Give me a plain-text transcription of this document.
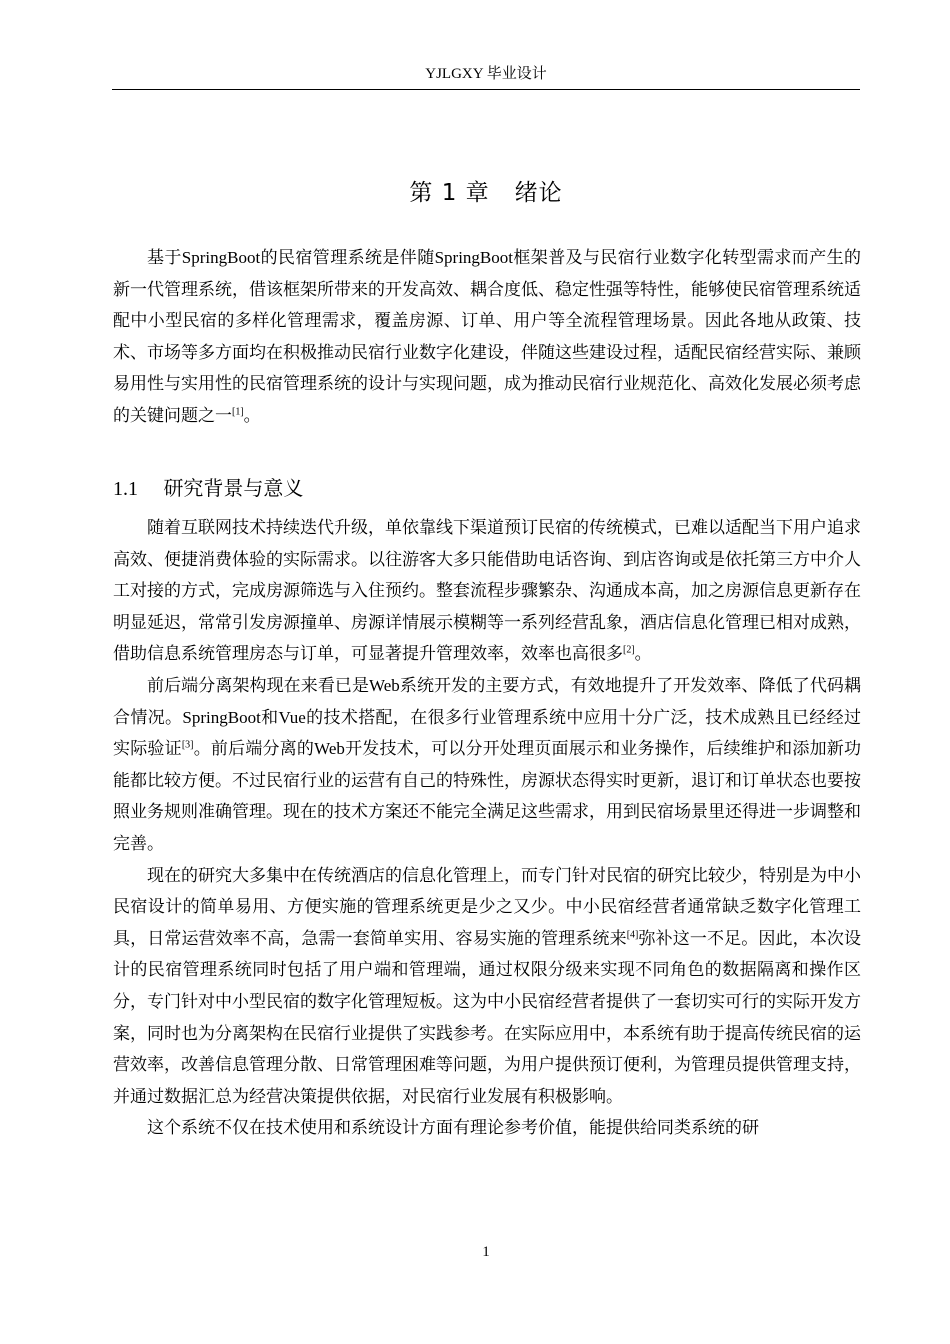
YJLGXY 毕业设计
第 1 章   绪论

基于SpringBoot的民宿管理系统是伴随SpringBoot框架普及与民宿行业数字化转型需求而产生的新一代管理系统，借该框架所带来的开发高效、耦合度低、稳定性强等特性，能够使民宿管理系统适配中小型民宿的多样化管理需求，覆盖房源、订单、用户等全流程管理场景。因此各地从政策、技术、市场等多方面均在积极推动民宿行业数字化建设，伴随这些建设过程，适配民宿经营实际、兼顾易用性与实用性的民宿管理系统的设计与实现问题，成为推动民宿行业规范化、高效化发展必须考虑的关键问题之一[1]。

1.1 研究背景与意义

随着互联网技术持续迭代升级，单依靠线下渠道预订民宿的传统模式，已难以适配当下用户追求高效、便捷消费体验的实际需求。以往游客大多只能借助电话咨询、到店咨询或是依托第三方中介人工对接的方式，完成房源筛选与入住预约。整套流程步骤繁杂、沟通成本高，加之房源信息更新存在明显延迟，常常引发房源撞单、房源详情展示模糊等一系列经营乱象，酒店信息化管理已相对成熟，借助信息系统管理房态与订单，可显著提升管理效率，效率也高很多[2]。

前后端分离架构现在来看已是Web系统开发的主要方式，有效地提升了开发效率、降低了代码耦合情况。SpringBoot和Vue的技术搭配，在很多行业管理系统中应用十分广泛，技术成熟且已经经过实际验证[3]。前后端分离的Web开发技术，可以分开处理页面展示和业务操作，后续维护和添加新功能都比较方便。不过民宿行业的运营有自己的特殊性，房源状态得实时更新，退订和订单状态也要按照业务规则准确管理。现在的技术方案还不能完全满足这些需求，用到民宿场景里还得进一步调整和完善。

现在的研究大多集中在传统酒店的信息化管理上，而专门针对民宿的研究比较少，特别是为中小民宿设计的简单易用、方便实施的管理系统更是少之又少。中小民宿经营者通常缺乏数字化管理工具，日常运营效率不高，急需一套简单实用、容易实施的管理系统来[4]弥补这一不足。因此，本次设计的民宿管理系统同时包括了用户端和管理端，通过权限分级来实现不同角色的数据隔离和操作区分，专门针对中小型民宿的数字化管理短板。这为中小民宿经营者提供了一套切实可行的实际开发方案，同时也为分离架构在民宿行业提供了实践参考。在实际应用中，本系统有助于提高传统民宿的运营效率，改善信息管理分散、日常管理困难等问题，为用户提供预订便利，为管理员提供管理支持，并通过数据汇总为经营决策提供依据，对民宿行业发展有积极影响。

这个系统不仅在技术使用和系统设计方面有理论参考价值，能提供给同类系统的研

1
